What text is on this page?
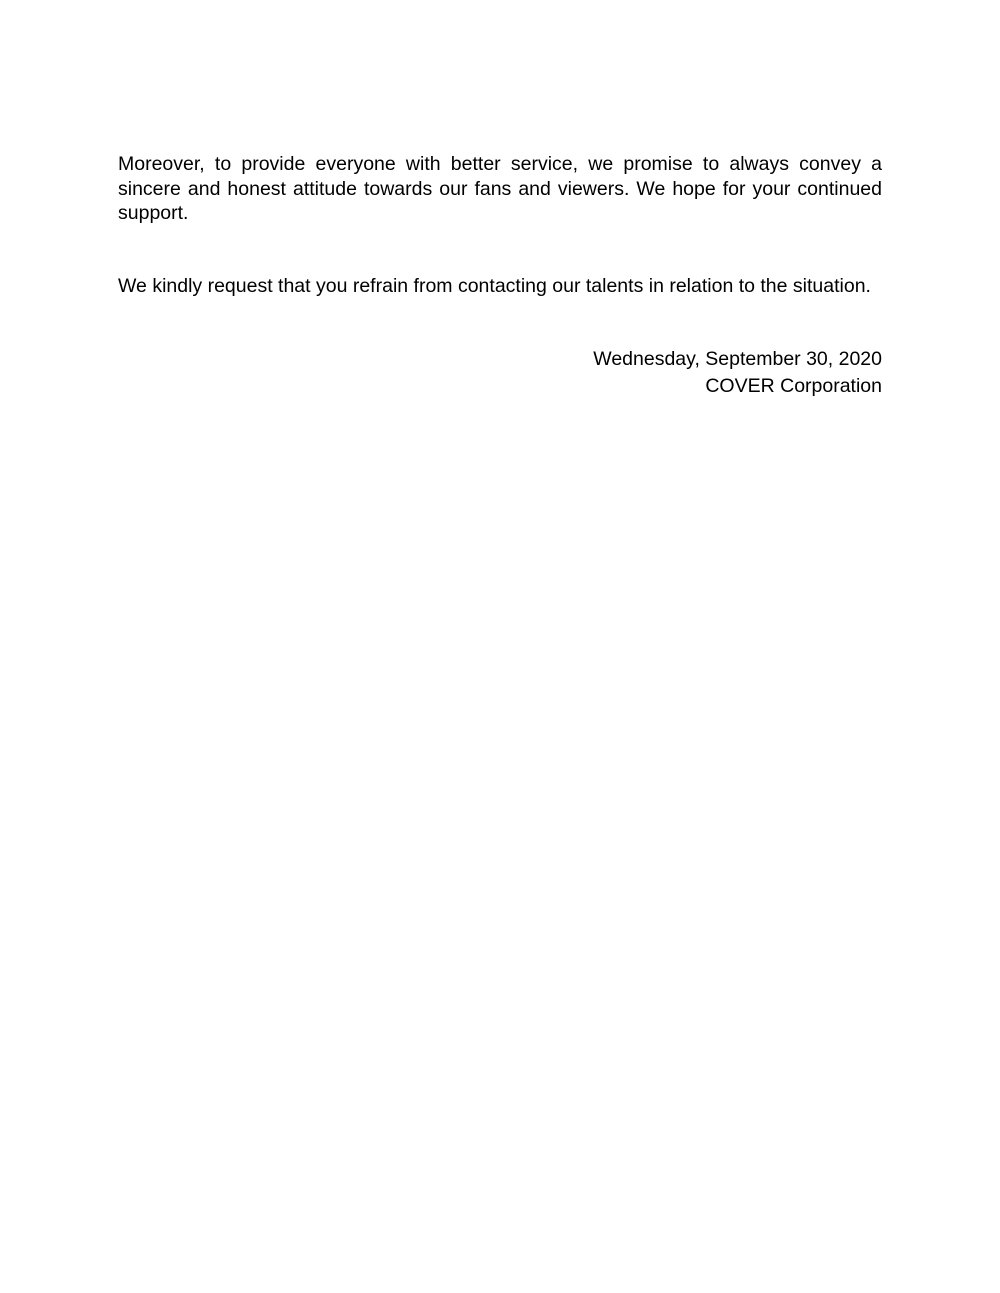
Moreover, to provide everyone with better service, we promise to always convey a sincere and honest attitude towards our fans and viewers. We hope for your continued support.

We kindly request that you refrain from contacting our talents in relation to the situation.

Wednesday, September 30, 2020
COVER Corporation
